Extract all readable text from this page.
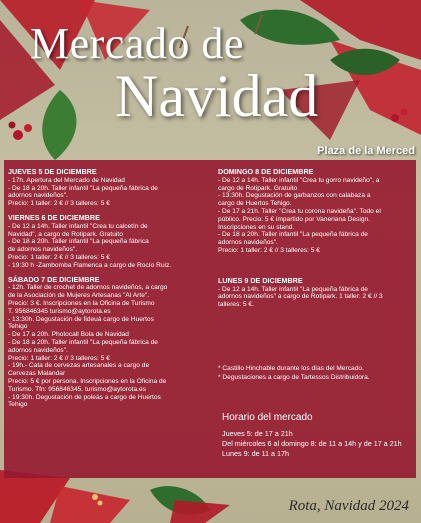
Mercado de
Navidad
Plaza de la Merced
JUEVES 5 DE DICIEMBRE
- 17h. Apertura del Mercado de Navidad
- De 18 a 20h. Taller infantil "La pequeña fábrica de
adornos navideños".
Precio: 1 taller: 2 € // 3 talleres: 5 €
VIERNES 6 DE DICIEMBRE
- De 12 a 14h. Taller infantil "Crea tu calcetín de
Navidad", a cargo de Rotipark. Gratuito
- De 18 a 20h. Taller infantil "La pequeña fábrica
de adornos navideños".
Precio: 1 taller: 2 € // 3 talleres: 5 €
- 19:30 h -Zambomba Flamenca a cargo de Rocío Ruiz.
SÁBADO 7 DE DICIEMBRE
- 12h. Taller de crochet de adornos navideños, a cargo
de la Asociación de Mujeres Artesanas "Al Arte".
Precio: 3 €. Inscripciones en la Oficina de Turismo
T. 956846345 turismo@aytorota.es
- 13:30h. Degustación de fideuá cargo de Huertos
Tehigo
- De 17 a 20h. Photocall Bola de Navidad
- De 18 a 20h. Taller infantil "La pequeña fábrica de
adornos navideños".
Precio: 1 taller: 2 € // 3 talleres: 5 €
- 19h.- Cata de cervezas artesanales a cargo de
Cervezas Malandar
Precio: 5 € por persona. Inscripciones en la Oficina de
Turismo. Tfn: 956846345. turismo@aytorota.es
- 19:30h. Degustación de poleás a cargo de Huertos
Tehigo
DOMINGO 8 DE DICIEMBRE
- De 12 a 14h. Taller infantil "Crea tu gorro navideño", a
cargo de Rotipark. Gratuito
- 13:30h. Degustación de garbanzos con calabaza a
cargo de Huertos Tehigo.
- De 17 a 21h. Taller "Crea tu corona navideña". Todo el
público. Precio: 5 € impartido por Vaneriana Design.
Inscripciones en su stand.
- De 18 a 20h. Taller infantil "La pequeña fábrica de
adornos navideños".
Precio: 1 taller: 2 € // 3 talleres: 5 €
LUNES 9 DE DICIEMBRE
- De 12 a 14h. Taller infantil "La pequeña fábrica de
adornos navideños" a cargo de Rotipark. 1 taller: 2 € // 3
talleres: 5 €.
* Castillo Hinchable durante los días del Mercado.
* Degustaciones a cargo de Tartessos Distribuidora.
Horario del mercado
Jueves 5: de 17 a 21h
Del miércoles 6 al domingo 8: de 11 a 14h y de 17 a 21h
Lunes 9: de 11 a 17h
Rota, Navidad 2024
